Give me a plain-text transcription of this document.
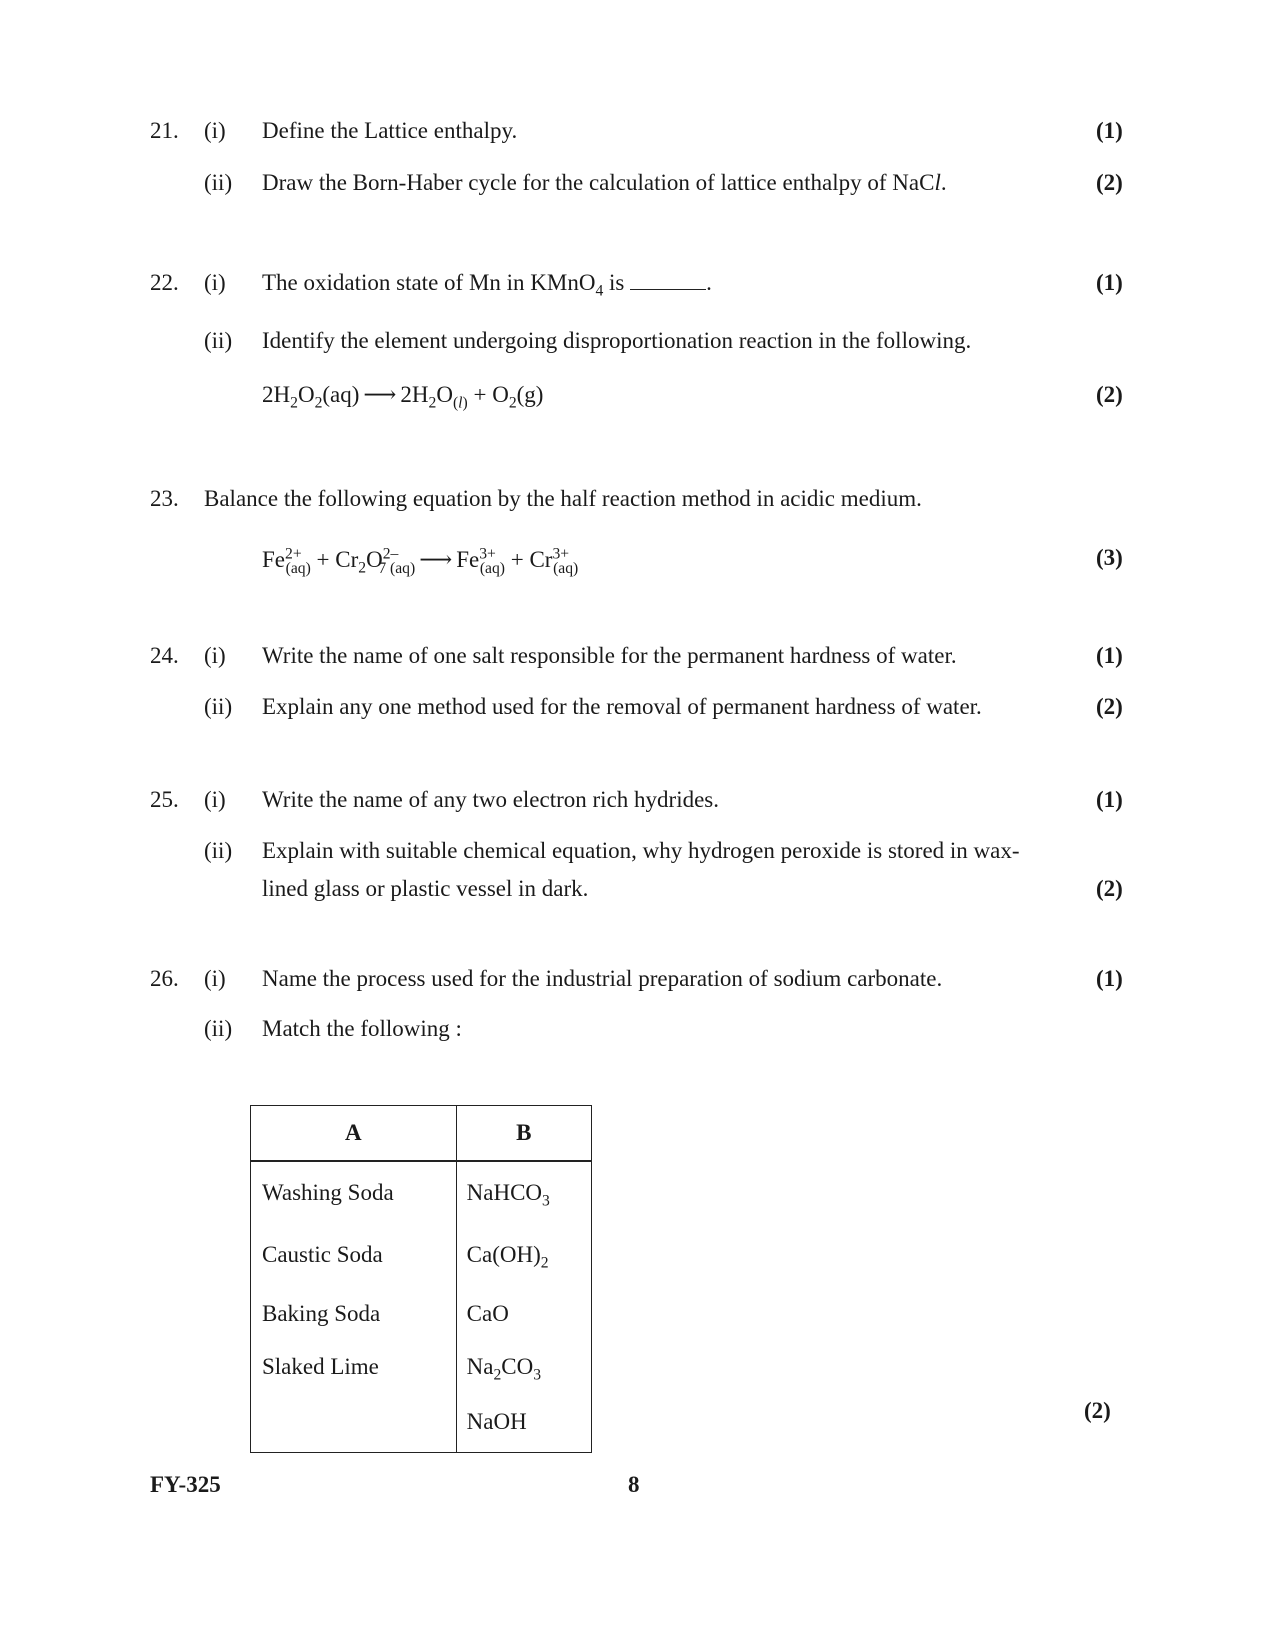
21. (i) Define the Lattice enthalpy.	(1)
(ii) Draw the Born-Haber cycle for the calculation of lattice enthalpy of NaCl.	(2)
22. (i) The oxidation state of Mn in KMnO$_4$ is	.	(1)
(ii) Identify the element undergoing disproportionation reaction in the following.
$2H_2O_2(aq)$ ⟶ $2H_2O_{(l)} + O_2(g)$	(2)
23. Balance the following equation by the half reaction method in acidic medium.
$Fe^{2+}_{(aq)} + Cr_2O^{2-}_{7 (aq)}$ ⟶ $Fe^{3+}_{(aq)} + Cr^{3+}_{(aq)}$	(3)
24. (i) Write the name of one salt responsible for the permanent hardness of water.	(1)
(ii) Explain any one method used for the removal of permanent hardness of water.	(2)
25. (i) Write the name of any two electron rich hydrides.	(1)
(ii) Explain with suitable chemical equation, why hydrogen peroxide is stored in wax-
lined glass or plastic vessel in dark.	(2)
26. (i) Name the process used for the industrial preparation of sodium carbonate.	(1)
(ii) Match the following :
A	B
Washing Soda	NaHCO$_3$
Caustic Soda	$Ca(OH)_2$
Baking Soda	CaO
Slaked Lime	$Na_2CO_3$
	NaOH	(2)
FY-325	8
